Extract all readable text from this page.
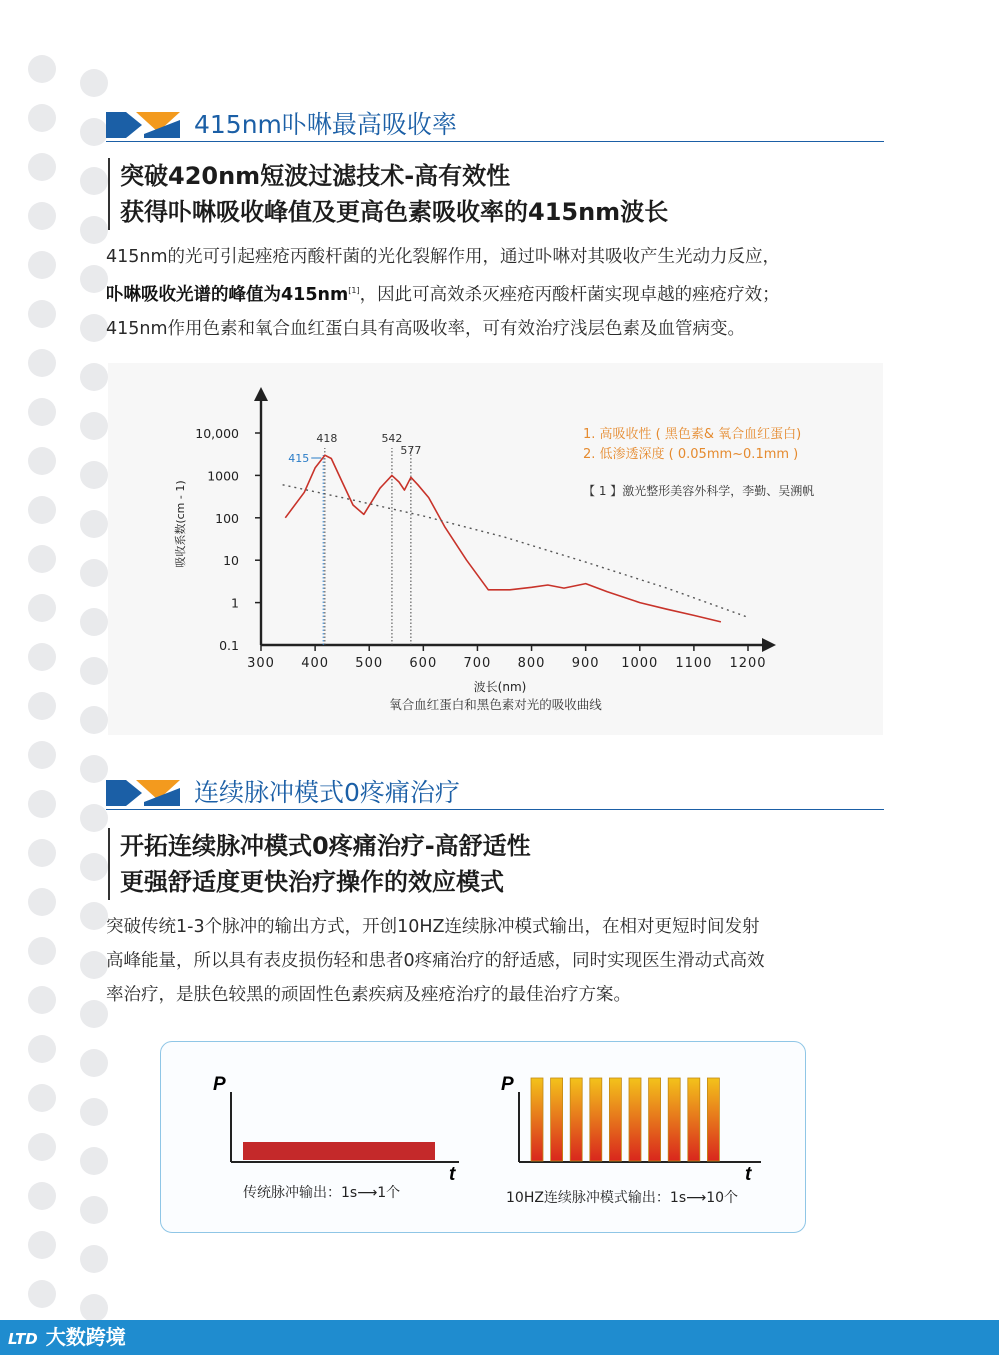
415nm卟啉最高吸收率
突破420nm短波过滤技术-高有效性
获得卟啉吸收峰值及更高色素吸收率的415nm波长
415nm的光可引起痤疮丙酸杆菌的光化裂解作用，通过卟啉对其吸收产生光动力反应，
卟啉吸收光谱的峰值为415nm[1]，因此可高效杀灭痤疮丙酸杆菌实现卓越的痤疮疗效；
415nm作用色素和氧合血红蛋白具有高吸收率，可有效治疗浅层色素及血管病变。
10,000
1000
100
10
1
0.1
300 400 500 600 700 800 900 1000 1100 1200
波长(nm)
吸收系数(cm - 1)
415
418	542
577
1. 高吸收性 ( 黑色素& 氧合血红蛋白)
2. 低渗透深度 ( 0.05mm~0.1mm )
【 1 】激光整形美容外科学，李勤、吴溯帆
氧合血红蛋白和黑色素对光的吸收曲线
连续脉冲模式0疼痛治疗
开拓连续脉冲模式0疼痛治疗-高舒适性
更强舒适度更快治疗操作的效应模式
突破传统1-3个脉冲的输出方式，开创10HZ连续脉冲模式输出，在相对更短时间发射
高峰能量，所以具有表皮损伤轻和患者0疼痛治疗的舒适感，同时实现医生滑动式高效
率治疗，是肤色较黑的顽固性色素疾病及痤疮治疗的最佳治疗方案。
P
t
P
t
传统脉冲输出：1s⟶1个	10HZ连续脉冲模式输出：1s⟶10个
LTD 大数跨境
